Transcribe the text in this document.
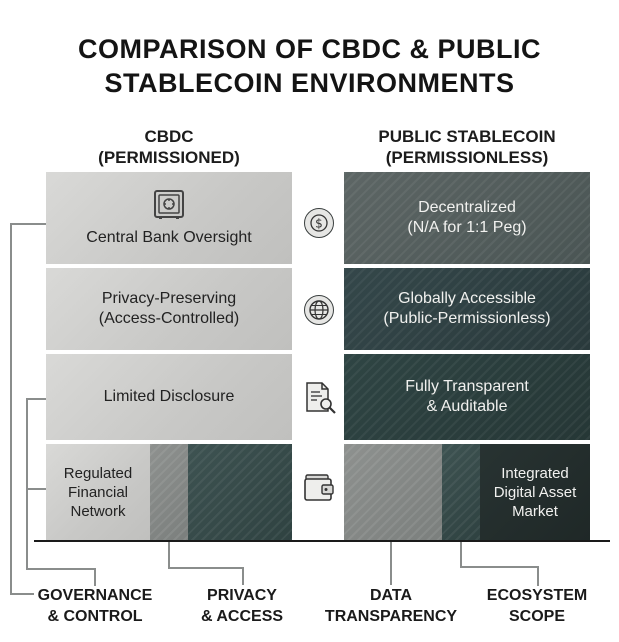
COMPARISON OF CBDC & PUBLIC
STABLECOIN ENVIRONMENTS
CBDC
(PERMISSIONED)
PUBLIC STABLECOIN
(PERMISSIONLESS)
Central Bank Oversight
Decentralized
(N/A for 1:1 Peg)
Privacy-Preserving
(Access-Controlled)
Globally Accessible
(Public-Permissionless)
Limited Disclosure
Fully Transparent
& Auditable
Regulated
Financial
Network
Integrated
Digital Asset
Market
$
GOVERNANCE
& CONTROL
PRIVACY
& ACCESS
DATA
TRANSPARENCY
ECOSYSTEM
SCOPE
